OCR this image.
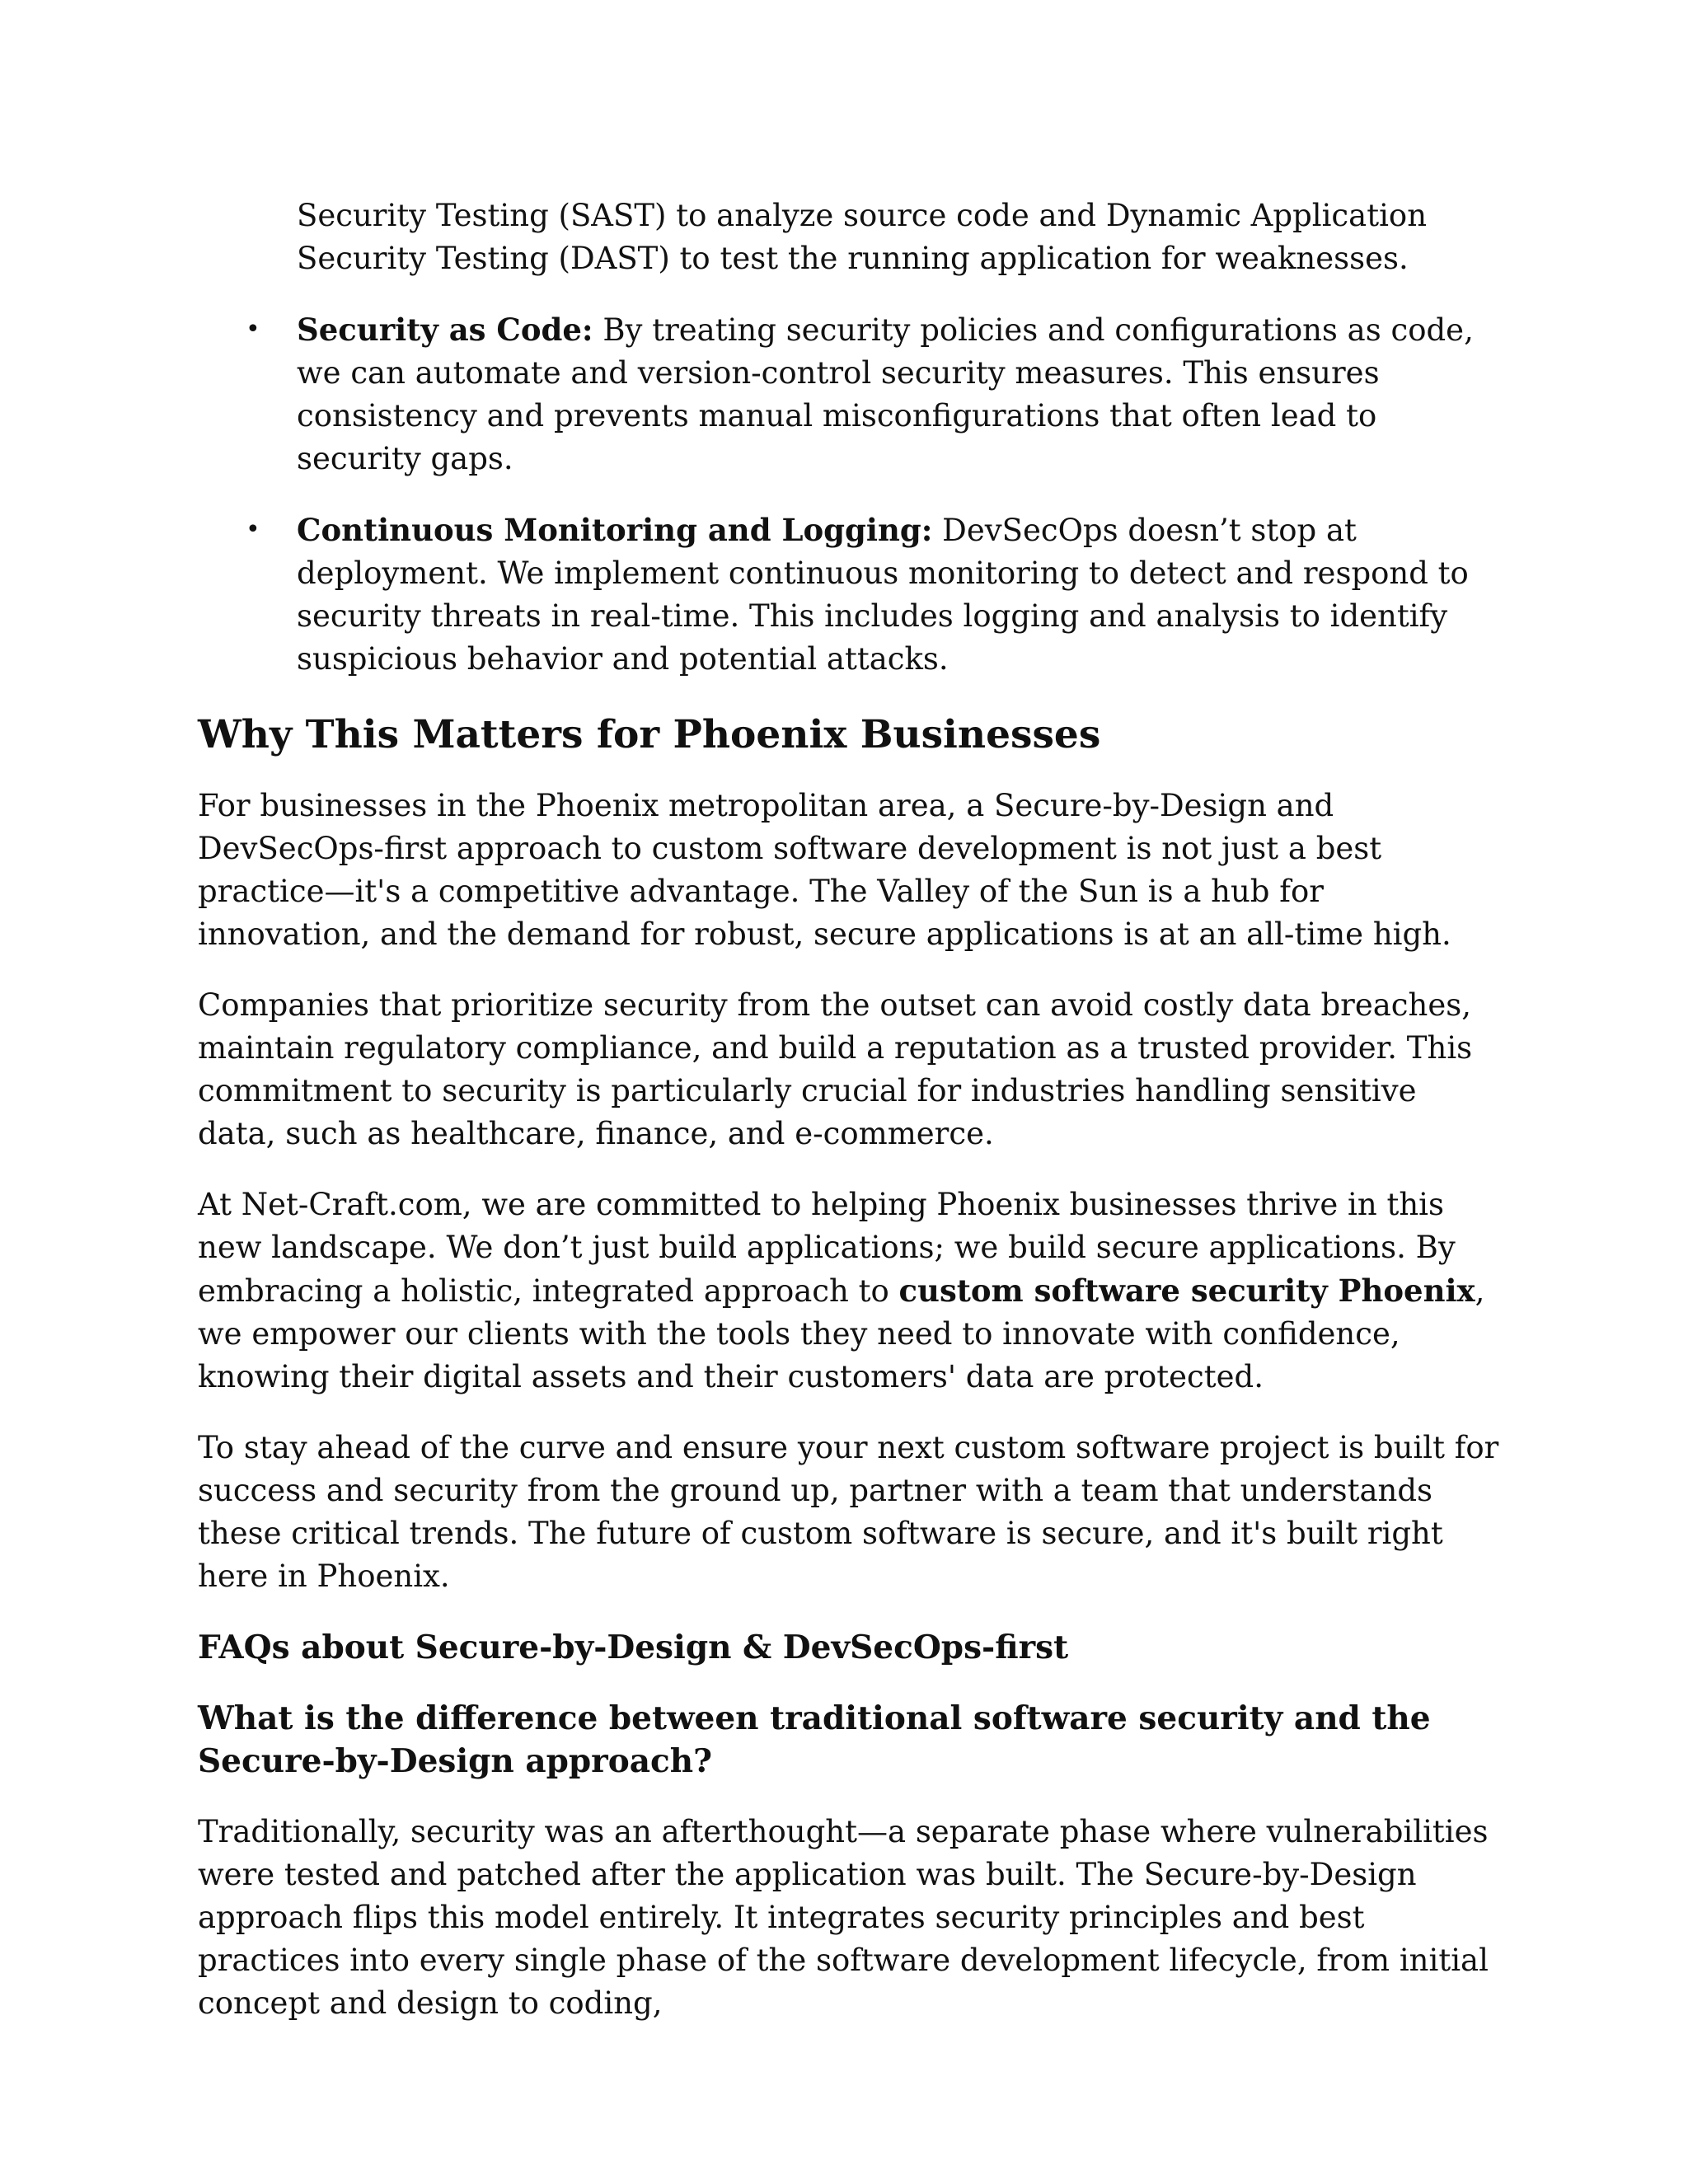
Security Testing (SAST) to analyze source code and Dynamic Application Security Testing (DAST) to test the running application for weaknesses.

• Security as Code: By treating security policies and configurations as code, we can automate and version-control security measures. This ensures consistency and prevents manual misconfigurations that often lead to security gaps.
• Continuous Monitoring and Logging: DevSecOps doesn’t stop at deployment. We implement continuous monitoring to detect and respond to security threats in real-time. This includes logging and analysis to identify suspicious behavior and potential attacks.
Why This Matters for Phoenix Businesses

For businesses in the Phoenix metropolitan area, a Secure-by-Design and DevSecOps-first approach to custom software development is not just a best practice—it's a competitive advantage. The Valley of the Sun is a hub for innovation, and the demand for robust, secure applications is at an all-time high.

Companies that prioritize security from the outset can avoid costly data breaches, maintain regulatory compliance, and build a reputation as a trusted provider. This commitment to security is particularly crucial for industries handling sensitive data, such as healthcare, finance, and e-commerce.

At Net-Craft.com, we are committed to helping Phoenix businesses thrive in this new landscape. We don’t just build applications; we build secure applications. By embracing a holistic, integrated approach to custom software security Phoenix, we empower our clients with the tools they need to innovate with confidence, knowing their digital assets and their customers' data are protected.

To stay ahead of the curve and ensure your next custom software project is built for success and security from the ground up, partner with a team that understands these critical trends. The future of custom software is secure, and it's built right here in Phoenix.

FAQs about Secure-by-Design & DevSecOps-first
What is the difference between traditional software security and the Secure-by-Design approach?

Traditionally, security was an afterthought—a separate phase where vulnerabilities were tested and patched after the application was built. The Secure-by-Design approach flips this model entirely. It integrates security principles and best practices into every single phase of the software development lifecycle, from initial concept and design to coding,
